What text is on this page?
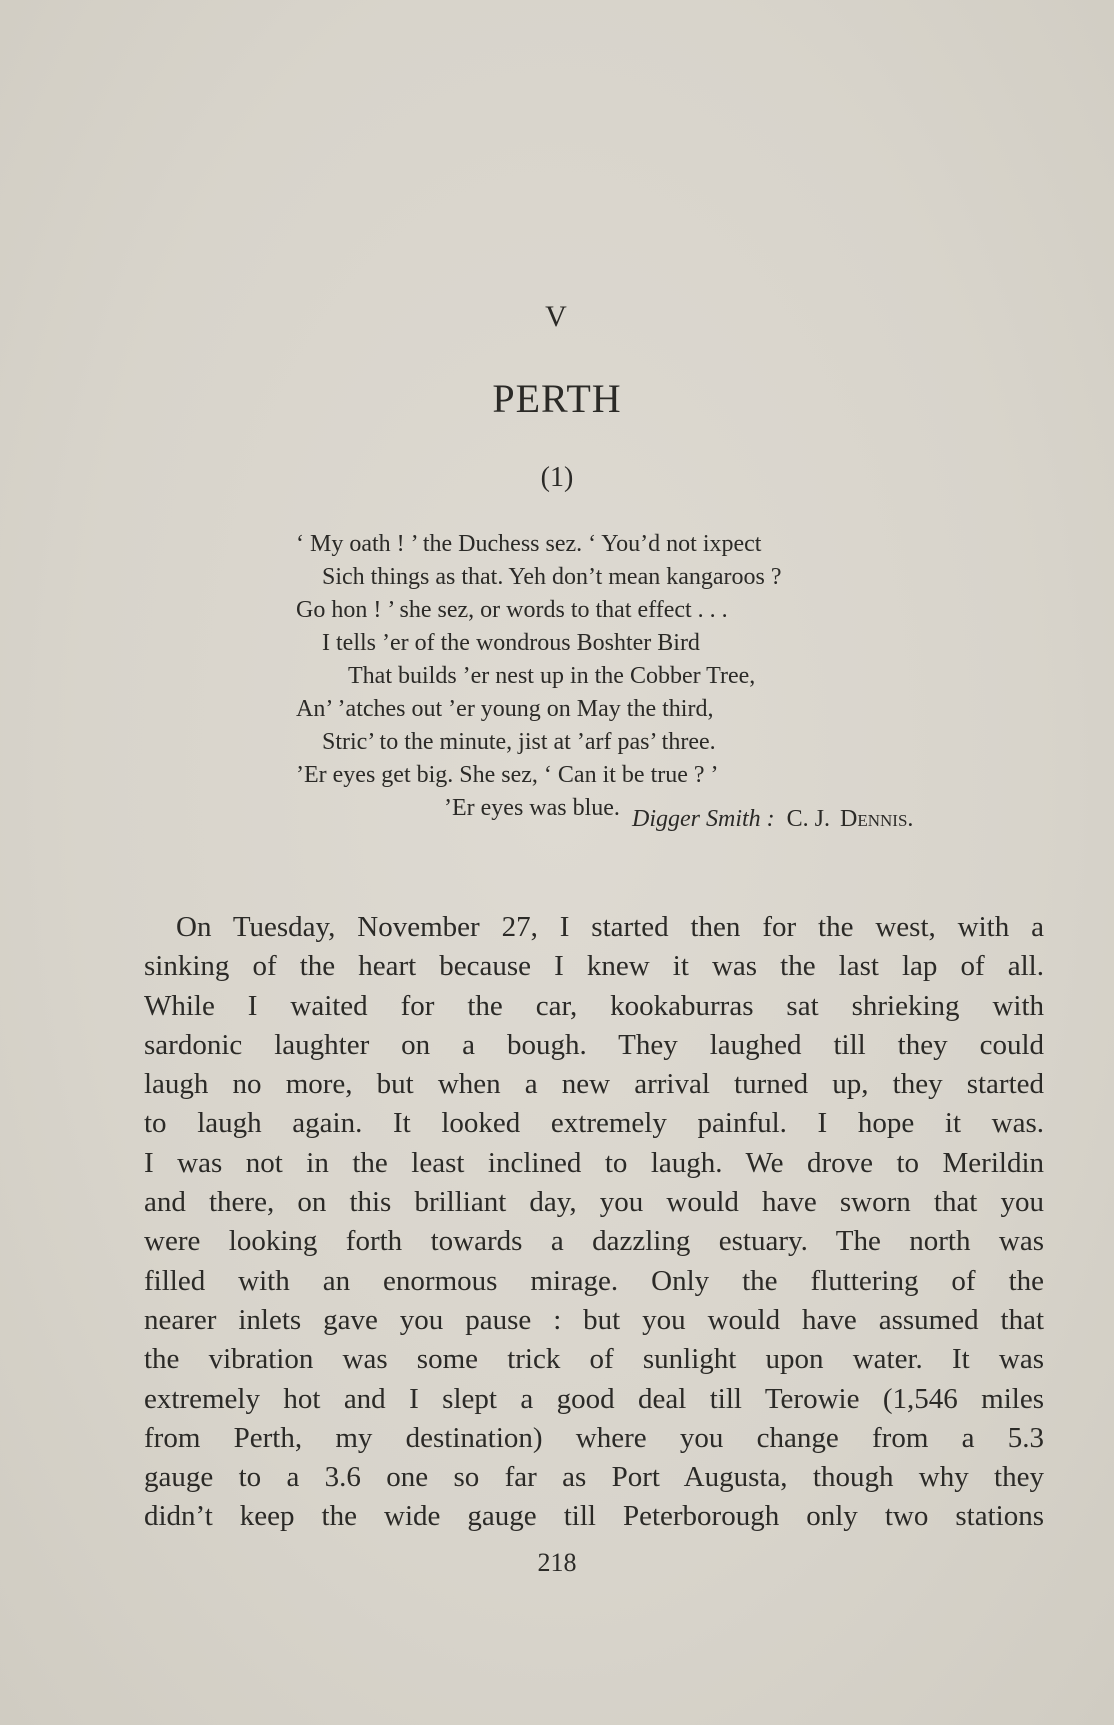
V
PERTH
(1)
‘ My oath ! ’ the Duchess sez. ‘ You’d not ixpect
Sich things as that. Yeh don’t mean kangaroos ?
Go hon ! ’ she sez, or words to that effect . . .
I tells ’er of the wondrous Boshter Bird
That builds ’er nest up in the Cobber Tree,
An’ ’atches out ’er young on May the third,
Stric’ to the minute, jist at ’arf pas’ three.
’Er eyes get big. She sez, ‘ Can it be true ? ’
’Er eyes was blue. Digger Smith : C. J. Dennis.
On Tuesday, November 27, I started then for the west, with a
sinking of the heart because I knew it was the last lap of all.
While I waited for the car, kookaburras sat shrieking with
sardonic laughter on a bough. They laughed till they could
laugh no more, but when a new arrival turned up, they started
to laugh again. It looked extremely painful. I hope it was.
I was not in the least inclined to laugh. We drove to Merildin
and there, on this brilliant day, you would have sworn that you
were looking forth towards a dazzling estuary. The north was
filled with an enormous mirage. Only the fluttering of the
nearer inlets gave you pause : but you would have assumed that
the vibration was some trick of sunlight upon water. It was
extremely hot and I slept a good deal till Terowie (1,546 miles
from Perth, my destination) where you change from a 5.3
gauge to a 3.6 one so far as Port Augusta, though why they
didn’t keep the wide gauge till Peterborough only two stations
218
